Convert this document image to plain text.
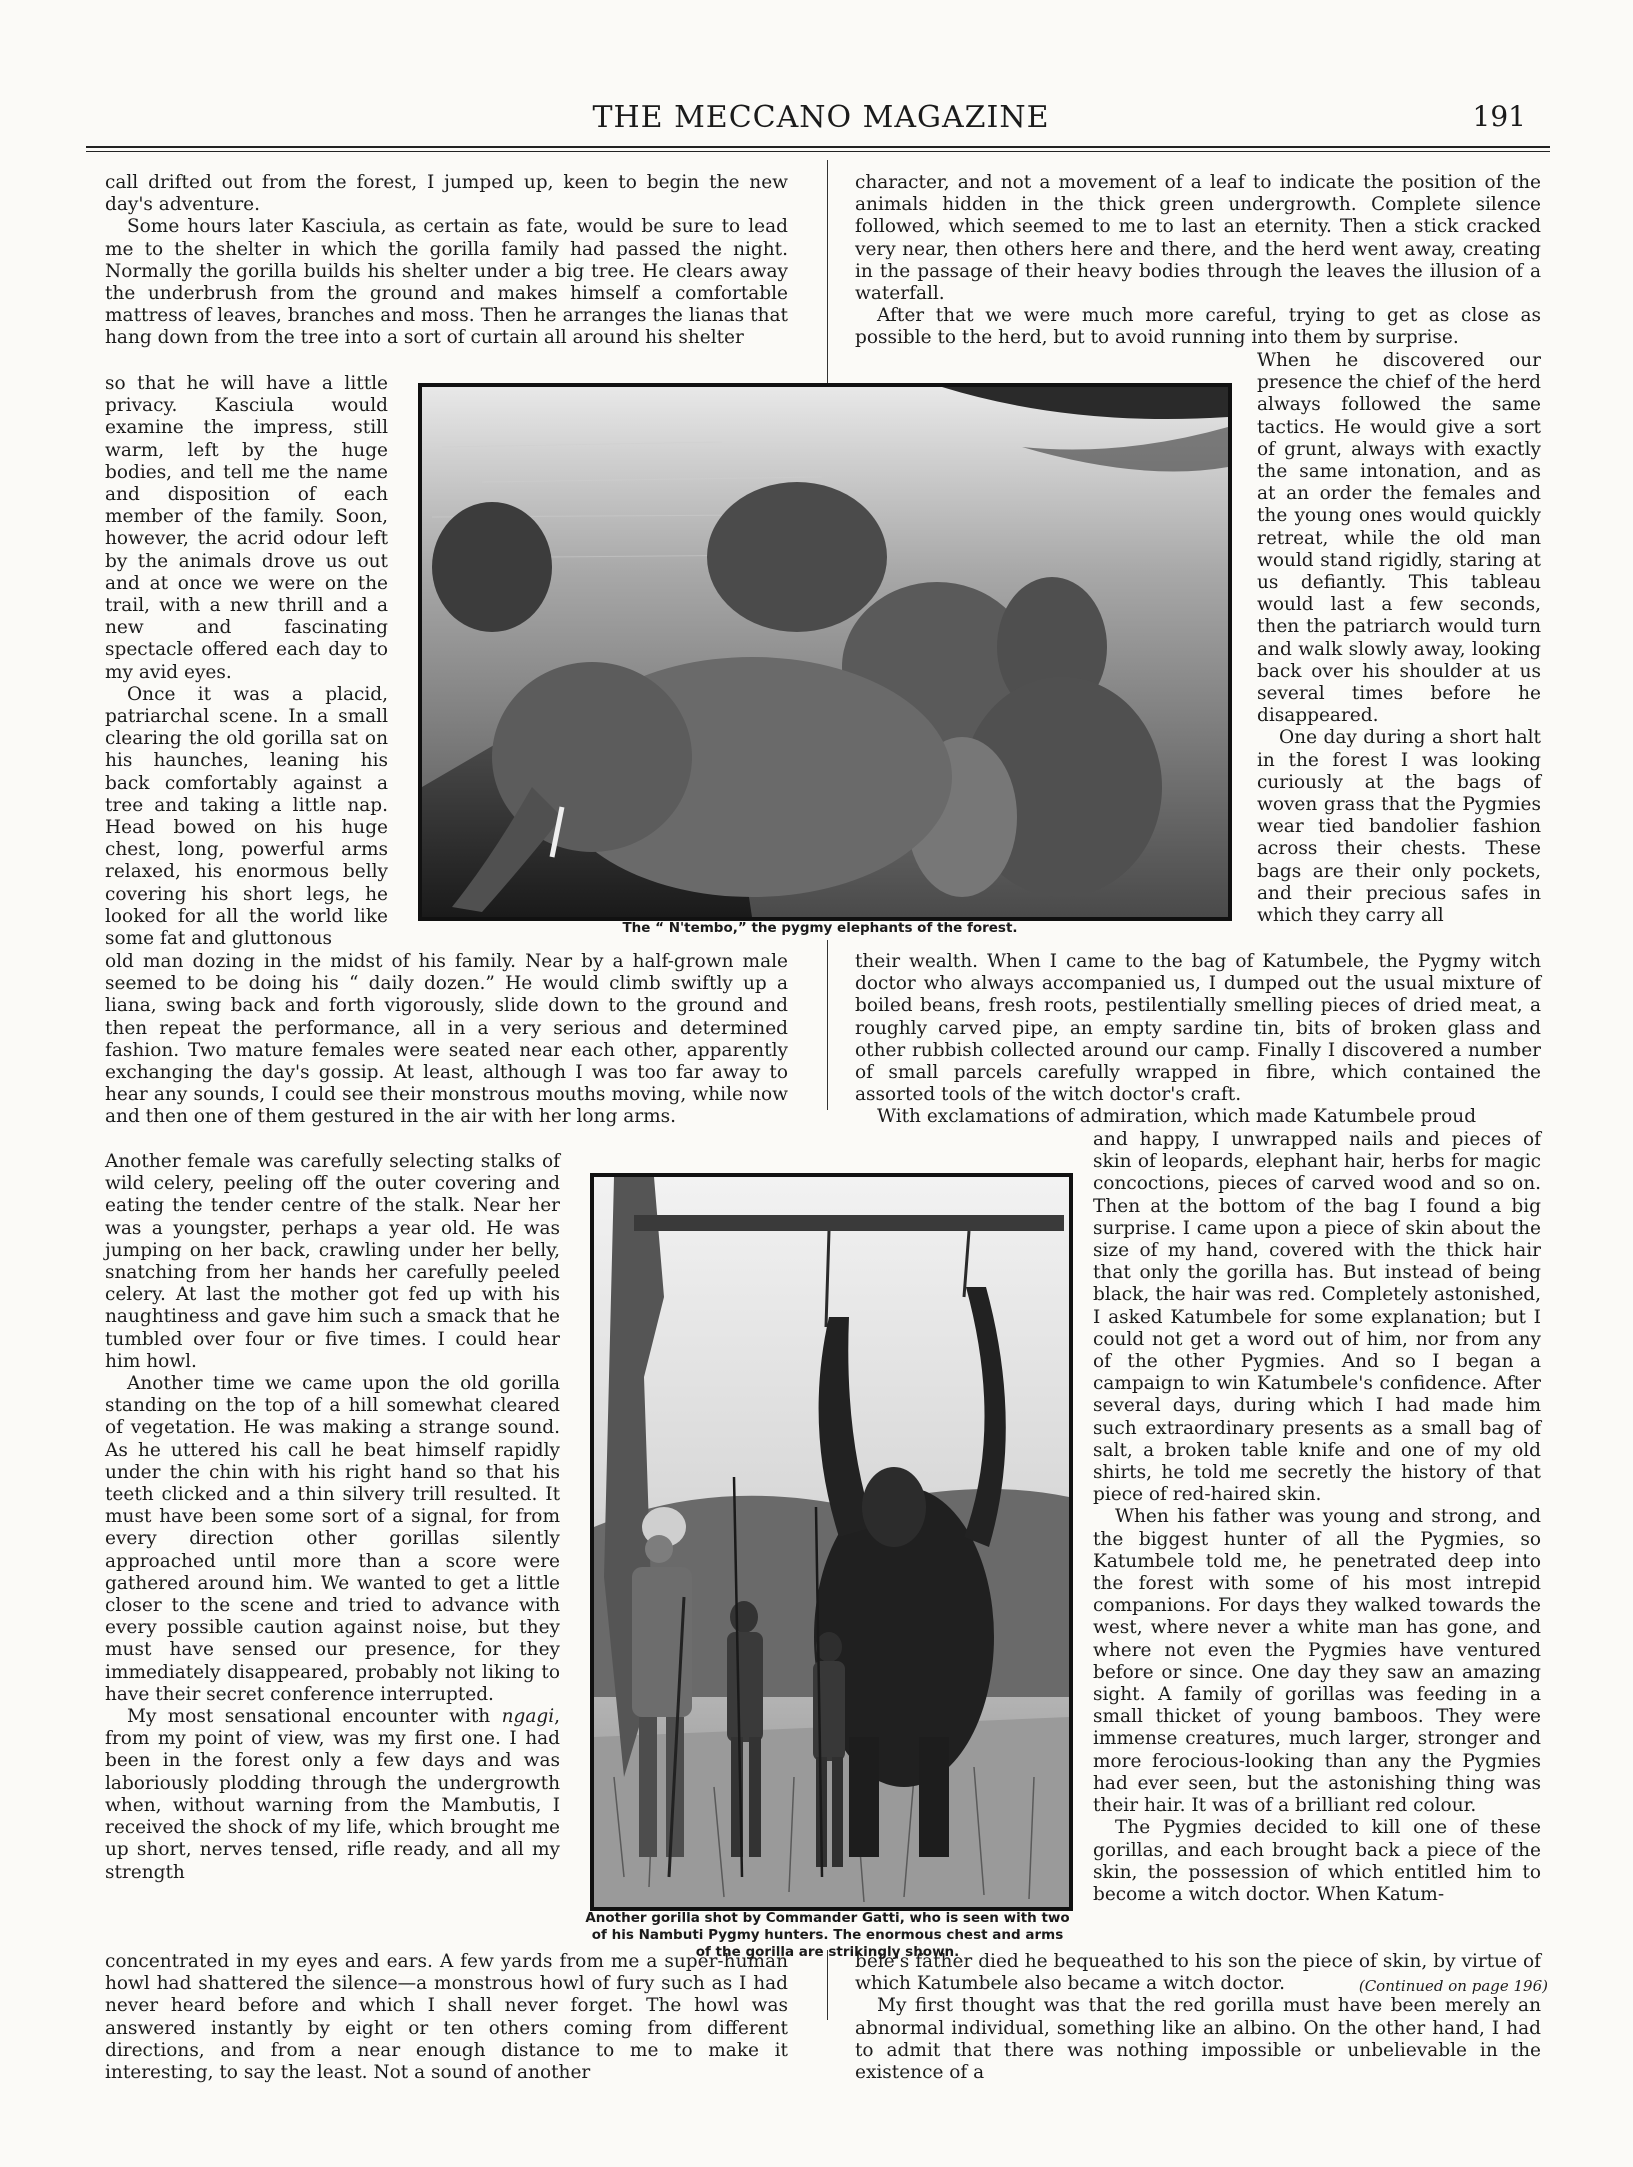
THE MECCANO MAGAZINE	191

call drifted out from the forest, I jumped up, keen to begin the new day's adventure.

Some hours later Kasciula, as certain as fate, would be sure to lead me to the shelter in which the gorilla family had passed the night. Normally the gorilla builds his shelter under a big tree. He clears away the underbrush from the ground and makes himself a comfortable mattress of leaves, branches and moss. Then he arranges the lianas that hang down from the tree into a sort of curtain all around his shelter

so that he will have a little privacy. Kasciula would examine the impress, still warm, left by the huge bodies, and tell me the name and disposition of each member of the family. Soon, however, the acrid odour left by the animals drove us out and at once we were on the trail, with a new thrill and a new and fascinating spectacle offered each day to my avid eyes.

Once it was a placid, patriarchal scene. In a small clearing the old gorilla sat on his haunches, leaning his back comfortably against a tree and taking a little nap. Head bowed on his huge chest, long, powerful arms relaxed, his enormous belly covering his short legs, he looked for all the world like some fat and gluttonous

old man dozing in the midst of his family. Near by a half-grown male seemed to be doing his “ daily dozen.” He would climb swiftly up a liana, swing back and forth vigorously, slide down to the ground and then repeat the performance, all in a very serious and determined fashion. Two mature females were seated near each other, apparently exchanging the day's gossip. At least, although I was too far away to hear any sounds, I could see their monstrous mouths moving, while now and then one of them gestured in the air with her long arms.

Another female was carefully selecting stalks of wild celery, peeling off the outer covering and eating the tender centre of the stalk. Near her was a youngster, perhaps a year old. He was jumping on her back, crawling under her belly, snatching from her hands her carefully peeled celery. At last the mother got fed up with his naughtiness and gave him such a smack that he tumbled over four or five times. I could hear him howl.

Another time we came upon the old gorilla standing on the top of a hill somewhat cleared of vegetation. He was making a strange sound. As he uttered his call he beat himself rapidly under the chin with his right hand so that his teeth clicked and a thin silvery trill resulted. It must have been some sort of a signal, for from every direction other gorillas silently approached until more than a score were gathered around him. We wanted to get a little closer to the scene and tried to advance with every possible caution against noise, but they must have sensed our presence, for they immediately disappeared, probably not liking to have their secret conference interrupted.

My most sensational encounter with ngagi, from my point of view, was my first one. I had been in the forest only a few days and was laboriously plodding through the undergrowth when, without warning from the Mambutis, I received the shock of my life, which brought me up short, nerves tensed, rifle ready, and all my strength

concentrated in my eyes and ears. A few yards from me a super-human howl had shattered the silence—a monstrous howl of fury such as I had never heard before and which I shall never forget. The howl was answered instantly by eight or ten others coming from different directions, and from a near enough distance to me to make it interesting, to say the least. Not a sound of another

character, and not a movement of a leaf to indicate the position of the animals hidden in the thick green undergrowth. Complete silence followed, which seemed to me to last an eternity. Then a stick cracked very near, then others here and there, and the herd went away, creating in the passage of their heavy bodies through the leaves the illusion of a waterfall.

After that we were much more careful, trying to get as close as possible to the herd, but to avoid running into them by surprise.

When he discovered our presence the chief of the herd always followed the same tactics. He would give a sort of grunt, always with exactly the same intonation, and as at an order the females and the young ones would quickly retreat, while the old man would stand rigidly, staring at us defiantly. This tableau would last a few seconds, then the patriarch would turn and walk slowly away, looking back over his shoulder at us several times before he disappeared.

One day during a short halt in the forest I was looking curiously at the bags of woven grass that the Pygmies wear tied bandolier fashion across their chests. These bags are their only pockets, and their precious safes in which they carry all

their wealth. When I came to the bag of Katumbele, the Pygmy witch doctor who always accompanied us, I dumped out the usual mixture of boiled beans, fresh roots, pestilentially smelling pieces of dried meat, a roughly carved pipe, an empty sardine tin, bits of broken glass and other rubbish collected around our camp. Finally I discovered a number of small parcels carefully wrapped in fibre, which contained the assorted tools of the witch doctor's craft.

With exclamations of admiration, which made Katumbele proud

and happy, I unwrapped nails and pieces of skin of leopards, elephant hair, herbs for magic concoctions, pieces of carved wood and so on. Then at the bottom of the bag I found a big surprise. I came upon a piece of skin about the size of my hand, covered with the thick hair that only the gorilla has. But instead of being black, the hair was red. Completely astonished, I asked Katumbele for some explanation; but I could not get a word out of him, nor from any of the other Pygmies. And so I began a campaign to win Katumbele's confidence. After several days, during which I had made him such extraordinary presents as a small bag of salt, a broken table knife and one of my old shirts, he told me secretly the history of that piece of red-haired skin.

When his father was young and strong, and the biggest hunter of all the Pygmies, so Katumbele told me, he penetrated deep into the forest with some of his most intrepid companions. For days they walked towards the west, where never a white man has gone, and where not even the Pygmies have ventured before or since. One day they saw an amazing sight. A family of gorillas was feeding in a small thicket of young bamboos. They were immense creatures, much larger, stronger and more ferocious-looking than any the Pygmies had ever seen, but the astonishing thing was their hair. It was of a brilliant red colour.

The Pygmies decided to kill one of these gorillas, and each brought back a piece of the skin, the possession of which entitled him to become a witch doctor. When Katum-

bele's father died he bequeathed to his son the piece of skin, by virtue of which Katumbele also became a witch doctor.

My first thought was that the red gorilla must have been merely an abnormal individual, something like an albino. On the other hand, I had to admit that there was nothing impossible or unbelievable in the existence of a

(Continued on page 196)
The “ N'tembo,” the pygmy elephants of the forest.
Another gorilla shot by Commander Gatti, who is seen with two of his Nambuti Pygmy hunters. The enormous chest and arms of the gorilla are strikingly shown.
